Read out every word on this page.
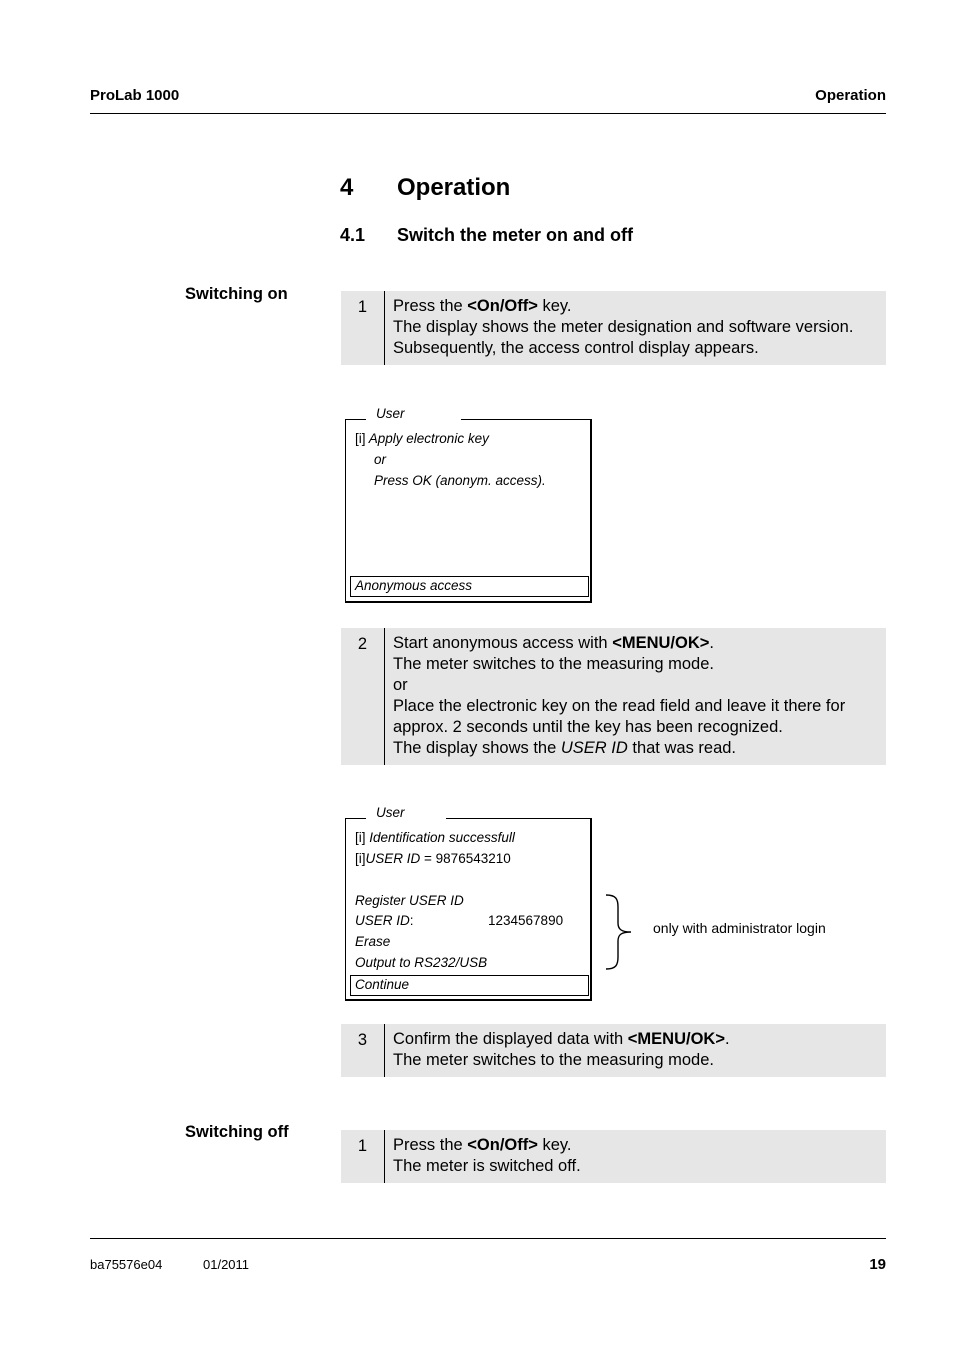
ProLab 1000	Operation
4 Operation
4.1 Switch the meter on and off
Switching on
1	Press the <On/Off> key.
The display shows the meter designation and software version.
Subsequently, the access control display appears.
User
[i] Apply electronic key
or
Press OK (anonym. access).
Anonymous access
2	Start anonymous access with <MENU/OK>.
The meter switches to the measuring mode.
or
Place the electronic key on the read field and leave it there for
approx. 2 seconds until the key has been recognized.
The display shows the USER ID that was read.
User
[i] Identification successfull
[i]USER ID = 9876543210
Register USER ID
USER ID:	1234567890
Erase
Output to RS232/USB
Continue
only with administrator login
3	Confirm the displayed data with <MENU/OK>.
The meter switches to the measuring mode.
Switching off
1	Press the <On/Off> key.
The meter is switched off.
ba75576e04	01/2011	19
